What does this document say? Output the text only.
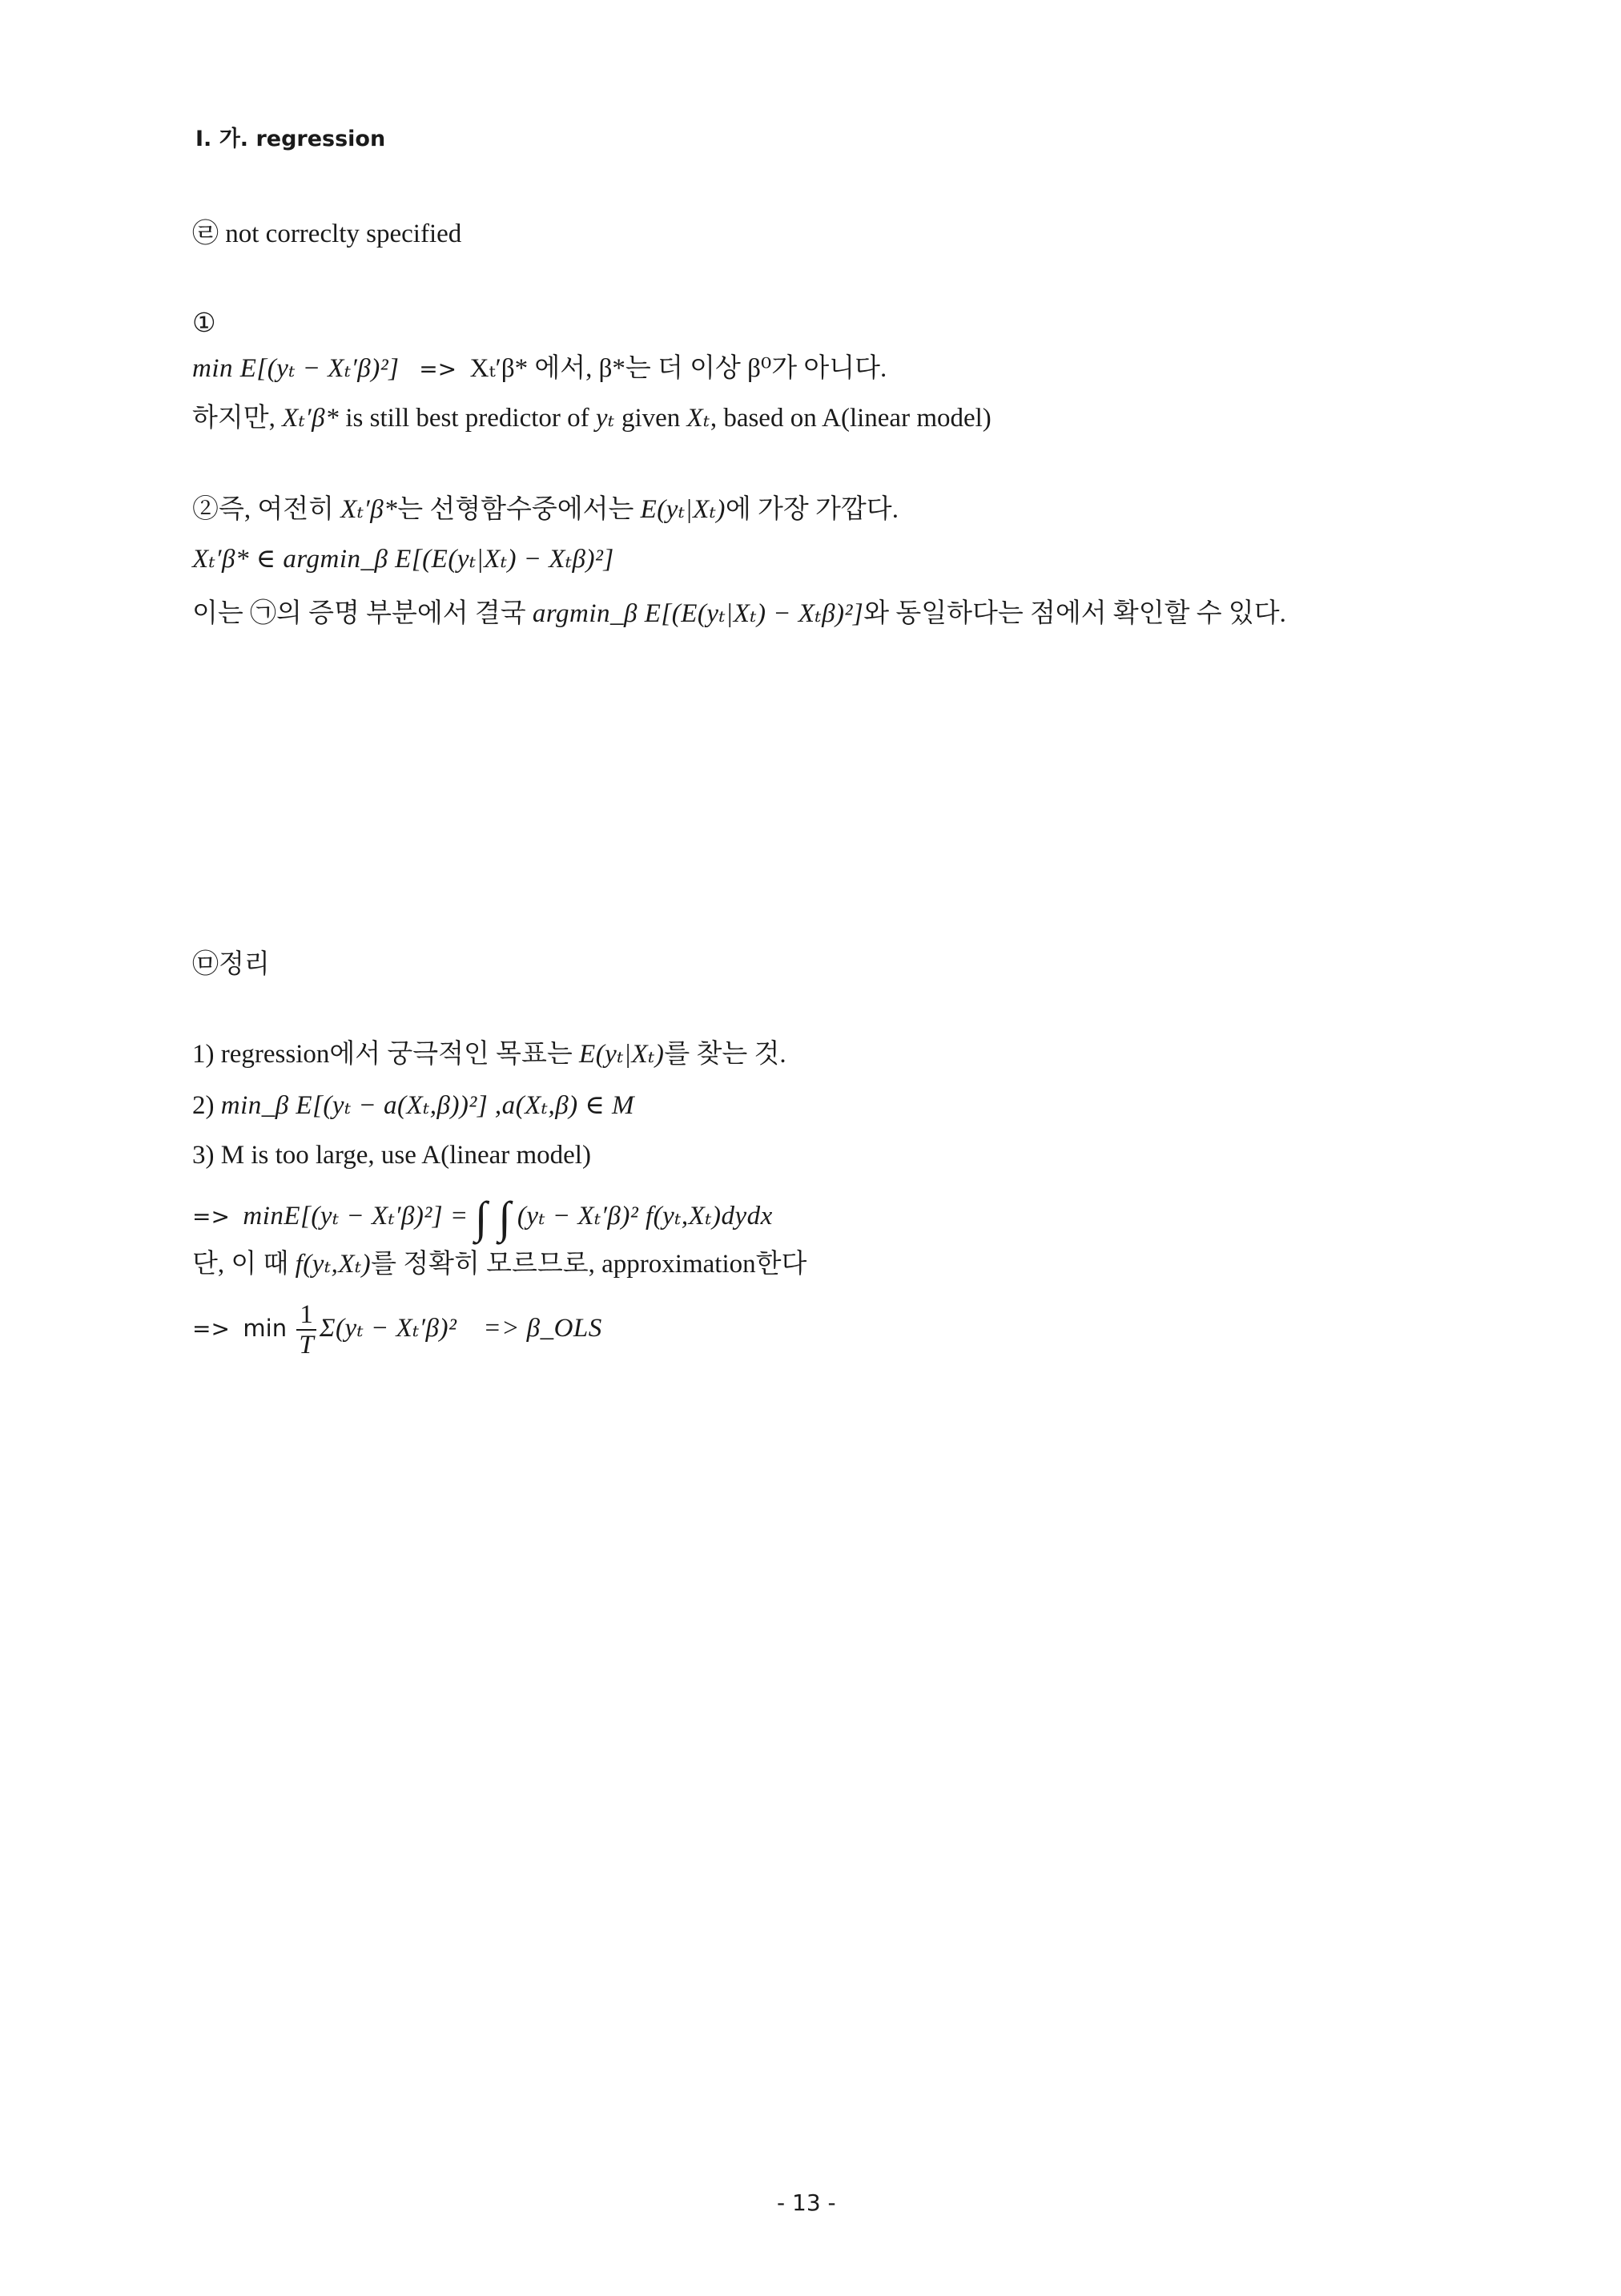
Ⅰ. 가. regression
㉣ not correclty specified
①
min E[(yₜ − Xₜ′β)²] => Xₜ′β* 에서, β*는 더 이상 β⁰가 아니다.
하지만, Xₜ′β* is still best predictor of yₜ given Xₜ, based on A(linear model)
②즉, 여전히 Xₜ′β*는 선형함수중에서는 E(yₜ|Xₜ)에 가장 가깝다.
Xₜ′β* ∈ argmin_β E[(E(yₜ|Xₜ) − Xₜβ)²]
이는 ㉠의 증명 부분에서 결국 argmin_β E[(E(yₜ|Xₜ) − Xₜβ)²]와 동일하다는 점에서 확인할 수 있다.
㉤정리
1) regression에서 궁극적인 목표는 E(yₜ|Xₜ)를 찾는 것.
2) min_β E[(yₜ − a(Xₜ,β))²] ,a(Xₜ,β) ∈ M
3) M is too large, use A(linear model)
=> minE[(yₜ − Xₜ′β)²] = ∫ ∫ (yₜ − Xₜ′β)² f(yₜ,Xₜ)dydx
단, 이 때 f(yₜ,Xₜ)를 정확히 모르므로, approximation한다
=> $\min \frac{1}{T} \Sigma(y_t - X_t'\beta)^2$ => β_OLS
- 13 -
